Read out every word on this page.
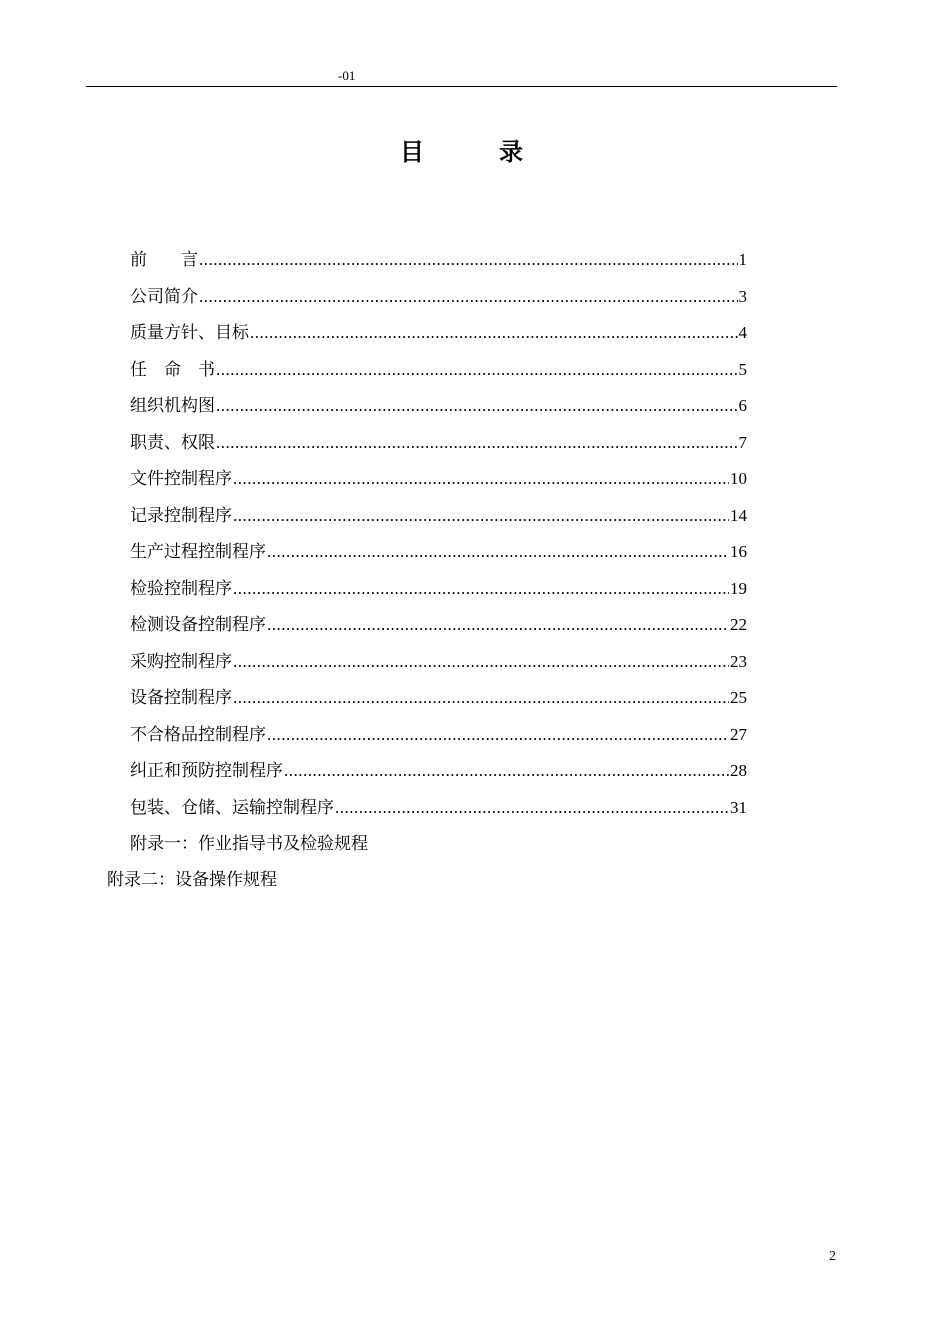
-01
目	录
前　　言 .....	1
公司简介 .....	3
质量方针、目标 .....	4
任　命　书 .....	5
组织机构图 .....	6
职责、权限 .....	7
文件控制程序 .....	10
记录控制程序 .....	14
生产过程控制程序 .....	16
检验控制程序 .....	19
检测设备控制程序 .....	22
采购控制程序 .....	23
设备控制程序 .....	25
不合格品控制程序 .....	27
纠正和预防控制程序 .....	28
包装、仓储、运输控制程序 .....	31
附录一：作业指导书及检验规程
附录二：设备操作规程
2
